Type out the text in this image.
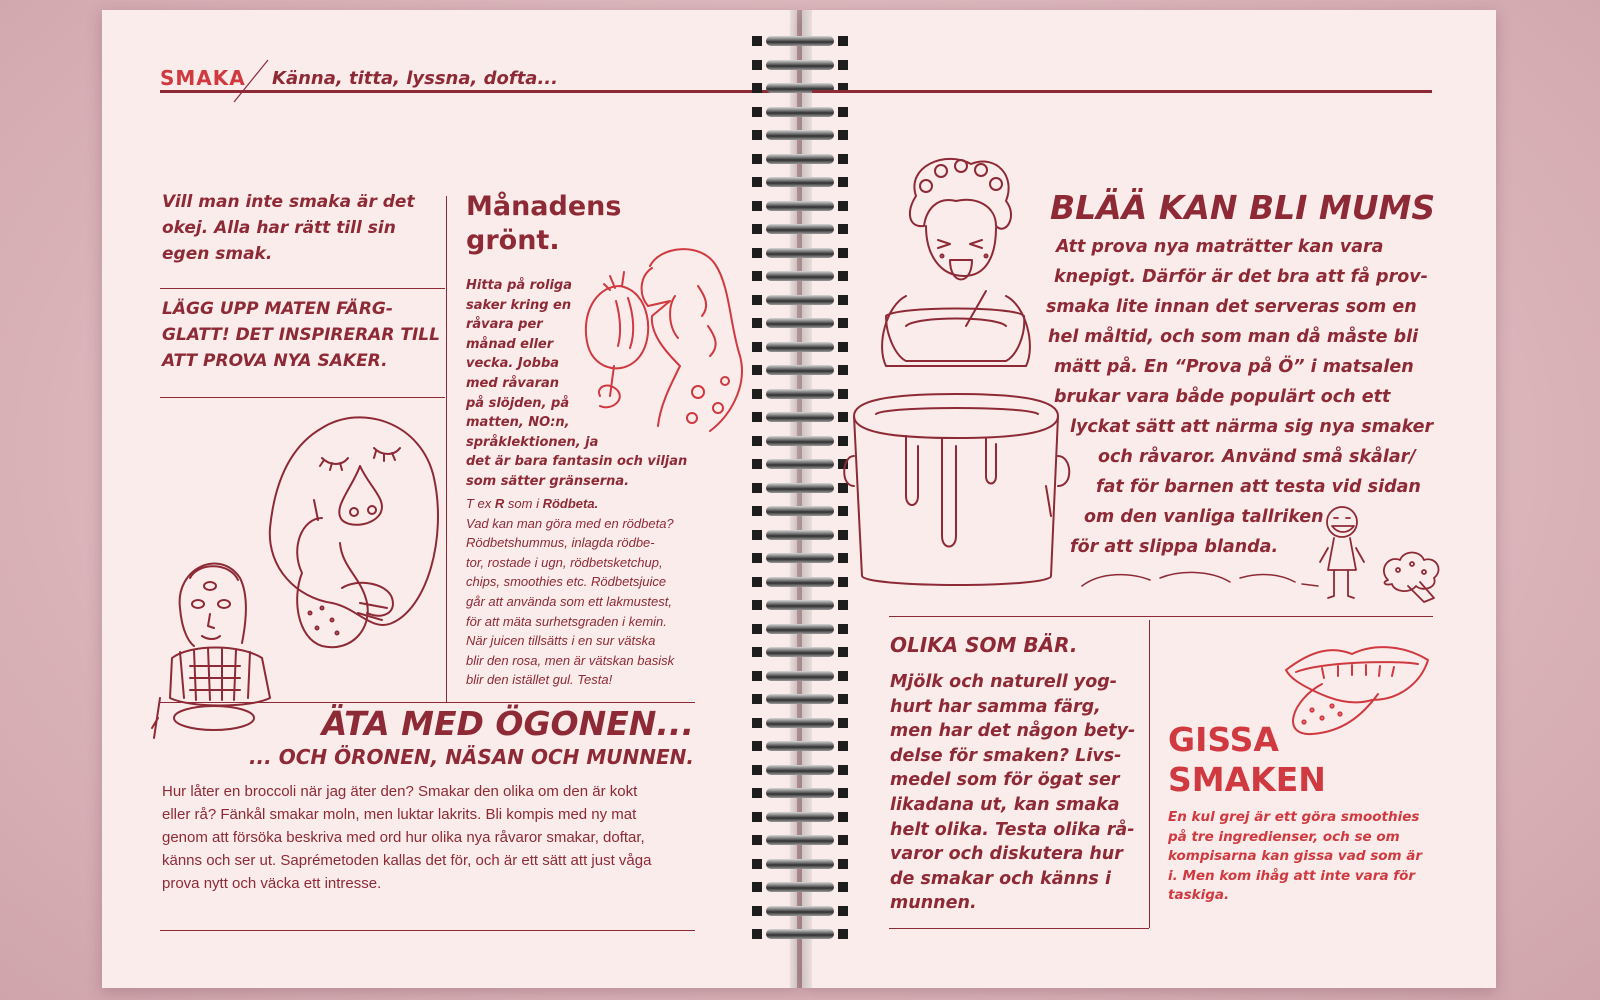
SMAKA Känna, titta, lyssna, dofta...
Vill man inte smaka är det okej. Alla har rätt till sin egen smak.
LÄGG UPP MATEN FÄRG-GLATT! DET INSPIRERAR TILL ATT PROVA NYA SAKER.
Månadens
grönt.
Hitta på roliga
saker kring en
råvara per
månad eller
vecka. Jobba
med råvaran
på slöjden, på
matten, NO:n,
språklektionen, ja
det är bara fantasin och viljan
som sätter gränserna.
T ex R som i Rödbeta.
Vad kan man göra med en rödbeta?
Rödbetshummus, inlagda rödbe-
tor, rostade i ugn, rödbetsketchup,
chips, smoothies etc. Rödbetsjuice
går att använda som ett lakmustest,
för att mäta surhetsgraden i kemin.
När juicen tillsätts i en sur vätska
blir den rosa, men är vätskan basisk
blir den istället gul. Testa!
ÄTA MED ÖGONEN...
... OCH ÖRONEN, NÄSAN OCH MUNNEN.
Hur låter en broccoli när jag äter den? Smakar den olika om den är kokt
eller rå? Fänkål smakar moln, men luktar lakrits. Bli kompis med ny mat
genom att försöka beskriva med ord hur olika nya råvaror smakar, doftar,
känns och ser ut. Saprémetoden kallas det för, och är ett sätt att just våga
prova nytt och väcka ett intresse.
BLÄÄ KAN BLI MUMS
Att prova nya maträtter kan vara
knepigt. Därför är det bra att få prov-
smaka lite innan det serveras som en
hel måltid, och som man då måste bli
mätt på. En “Prova på Ö” i matsalen
brukar vara både populärt och ett
lyckat sätt att närma sig nya smaker
och råvaror. Använd små skålar/
fat för barnen att testa vid sidan
om den vanliga tallriken
för att slippa blanda.
OLIKA SOM BÄR.
Mjölk och naturell yog-
hurt har samma färg,
men har det någon bety-
delse för smaken? Livs-
medel som för ögat ser
likadana ut, kan smaka
helt olika. Testa olika rå-
varor och diskutera hur
de smakar och känns i
munnen.
GISSA
SMAKEN
En kul grej är ett göra smoothies
på tre ingredienser, och se om
kompisarna kan gissa vad som är
i. Men kom ihåg att inte vara för
taskiga.
